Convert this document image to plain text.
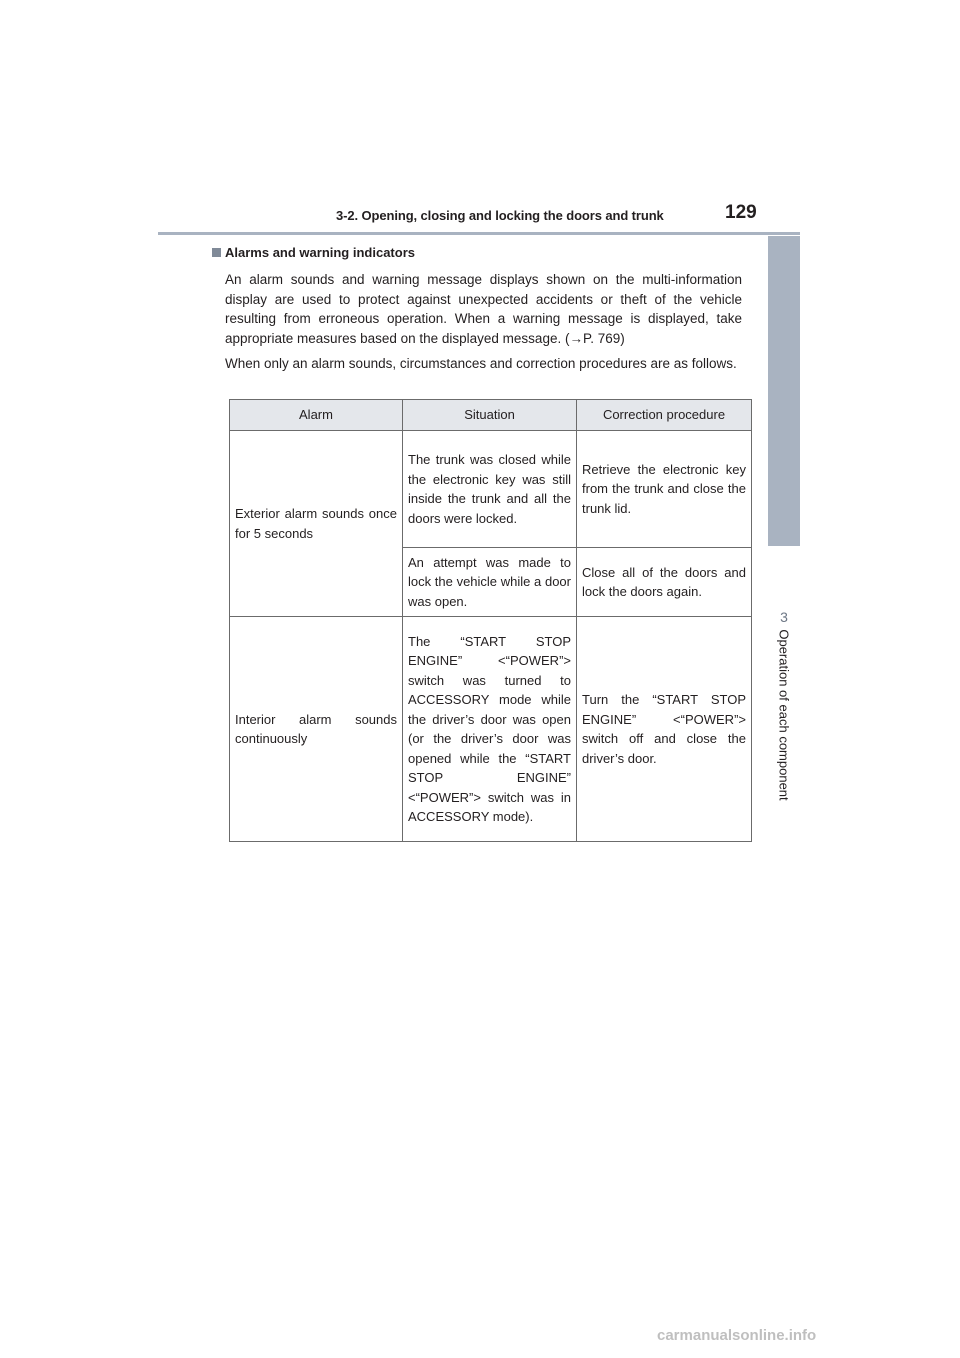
3-2. Opening, closing and locking the doors and trunk	129
3
Operation of each component
Alarms and warning indicators

An alarm sounds and warning message displays shown on the multi-information display are used to protect against unexpected accidents or theft of the vehicle resulting from erroneous operation. When a warning message is displayed, take appropriate measures based on the displayed message. (→P. 769)

When only an alarm sounds, circumstances and correction procedures are as follows.

Alarm	Situation	Correction procedure
Exterior alarm sounds once for 5 seconds	The trunk was closed while the electronic key was still inside the trunk and all the doors were locked.	Retrieve the electronic key from the trunk and close the trunk lid.
	An attempt was made to lock the vehicle while a door was open.	Close all of the doors and lock the doors again.
Interior alarm sounds continuously	The “START STOP ENGINE” <“POWER”> switch was turned to ACCESSORY mode while the driver’s door was open (or the driver’s door was opened while the “START STOP ENGINE” <“POWER”> switch was in ACCESSORY mode).	Turn the “START STOP ENGINE” <“POWER”> switch off and close the driver’s door.
carmanualsonline.info
